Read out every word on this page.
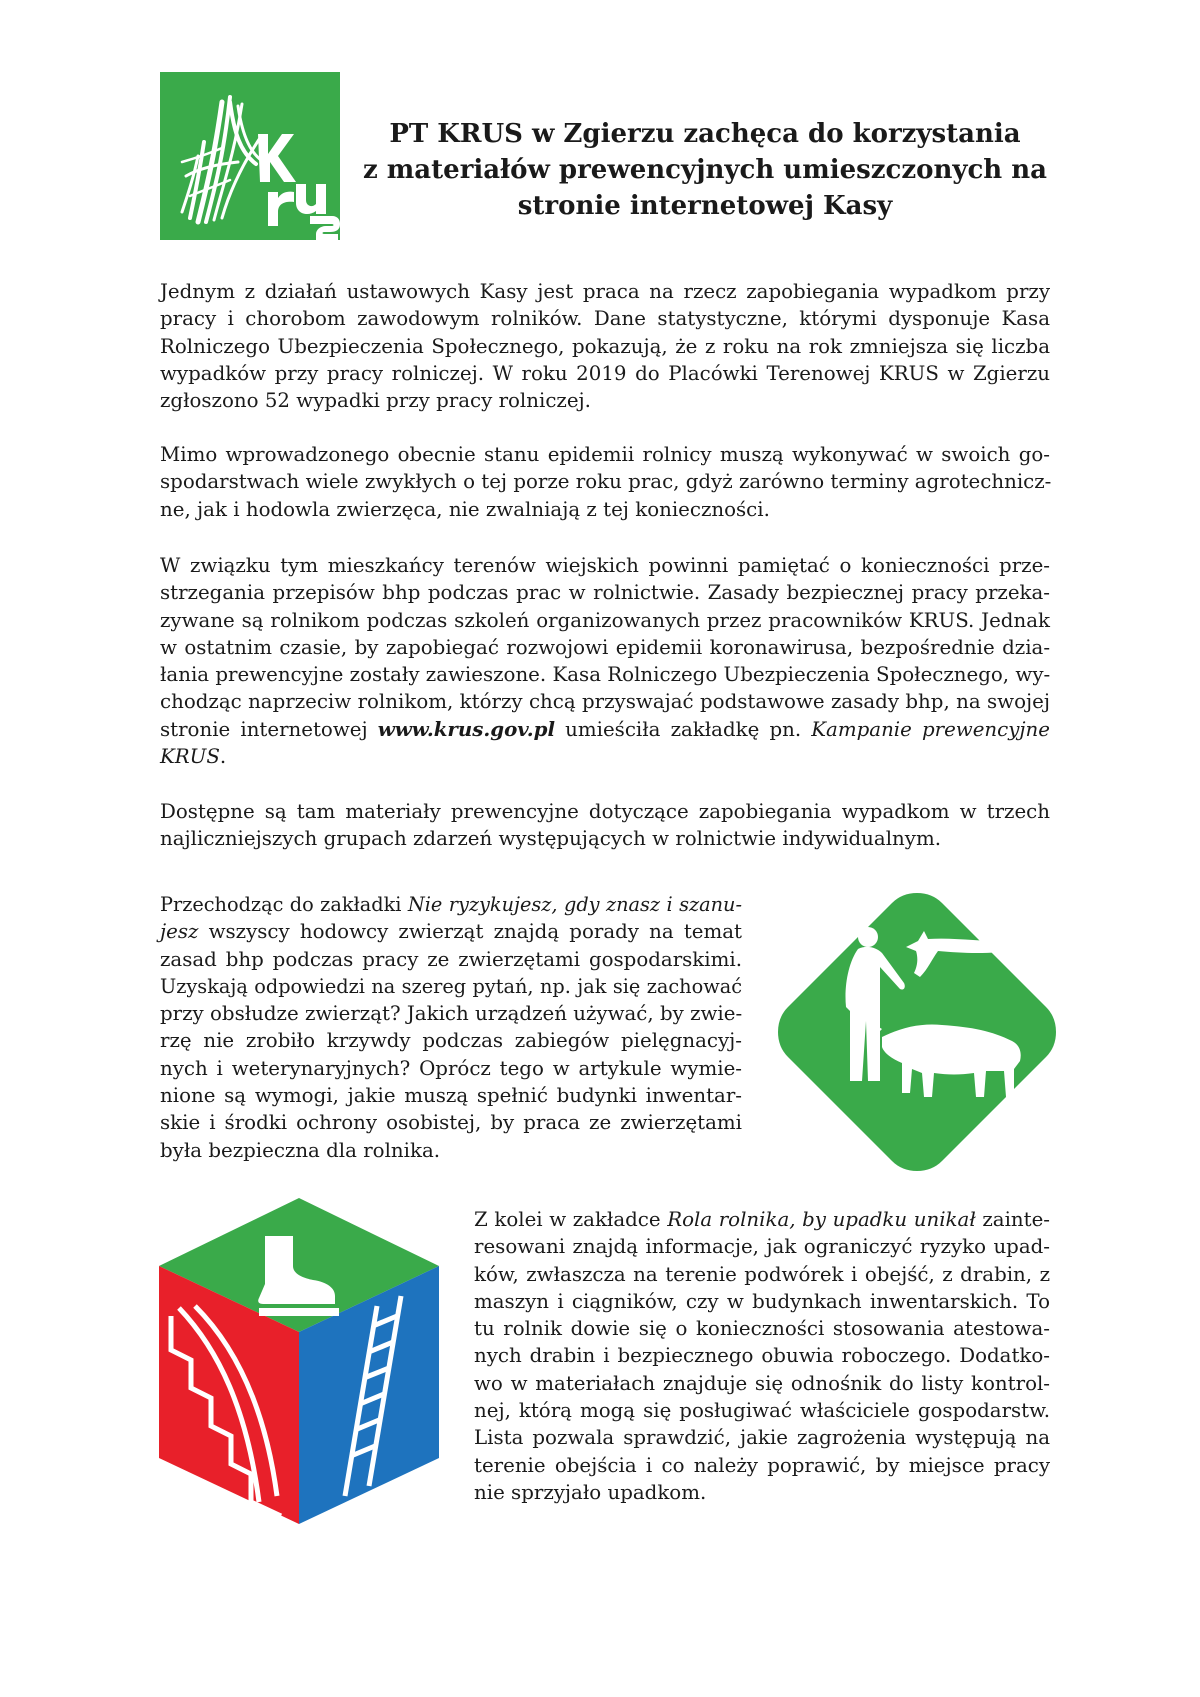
PT KRUS w Zgierzu zachęca do korzystania
z materiałów prewencyjnych umieszczonych na
stronie internetowej Kasy

Jednym z działań ustawowych Kasy jest praca na rzecz zapobiegania wypadkom przy
pracy i chorobom zawodowym rolników. Dane statystyczne, którymi dysponuje Kasa
Rolniczego Ubezpieczenia Społecznego, pokazują, że z roku na rok zmniejsza się liczba
wypadków przy pracy rolniczej. W roku 2019 do Placówki Terenowej KRUS w Zgierzu
zgłoszono 52 wypadki przy pracy rolniczej.

Mimo wprowadzonego obecnie stanu epidemii rolnicy muszą wykonywać w swoich go-
spodarstwach wiele zwykłych o tej porze roku prac, gdyż zarówno terminy agrotechnicz-
ne, jak i hodowla zwierzęca, nie zwalniają z tej konieczności.

W związku tym mieszkańcy terenów wiejskich powinni pamiętać o konieczności prze-
strzegania przepisów bhp podczas prac w rolnictwie. Zasady bezpiecznej pracy przeka-
zywane są rolnikom podczas szkoleń organizowanych przez pracowników KRUS. Jednak
w ostatnim czasie, by zapobiegać rozwojowi epidemii koronawirusa, bezpośrednie dzia-
łania prewencyjne zostały zawieszone. Kasa Rolniczego Ubezpieczenia Społecznego, wy-
chodząc naprzeciw rolnikom, którzy chcą przyswajać podstawowe zasady bhp, na swojej
stronie internetowej www.krus.gov.pl umieściła zakładkę pn. Kampanie prewencyjne
KRUS.

Dostępne są tam materiały prewencyjne dotyczące zapobiegania wypadkom w trzech
najliczniejszych grupach zdarzeń występujących w rolnictwie indywidualnym.

Przechodząc do zakładki Nie ryzykujesz, gdy znasz i szanu-
jesz wszyscy hodowcy zwierząt znajdą porady na temat
zasad bhp podczas pracy ze zwierzętami gospodarskimi.
Uzyskają odpowiedzi na szereg pytań, np. jak się zachować
przy obsłudze zwierząt? Jakich urządzeń używać, by zwie-
rzę nie zrobiło krzywdy podczas zabiegów pielęgnacyj-
nych i weterynaryjnych? Oprócz tego w artykule wymie-
nione są wymogi, jakie muszą spełnić budynki inwentar-
skie i środki ochrony osobistej, by praca ze zwierzętami
była bezpieczna dla rolnika.

Z kolei w zakładce Rola rolnika, by upadku unikał zainte-
resowani znajdą informacje, jak ograniczyć ryzyko upad-
ków, zwłaszcza na terenie podwórek i obejść, z drabin, z
maszyn i ciągników, czy w budynkach inwentarskich. To
tu rolnik dowie się o konieczności stosowania atestowa-
nych drabin i bezpiecznego obuwia roboczego. Dodatko-
wo w materiałach znajduje się odnośnik do listy kontrol-
nej, którą mogą się posługiwać właściciele gospodarstw.
Lista pozwala sprawdzić, jakie zagrożenia występują na
terenie obejścia i co należy poprawić, by miejsce pracy
nie sprzyjało upadkom.
